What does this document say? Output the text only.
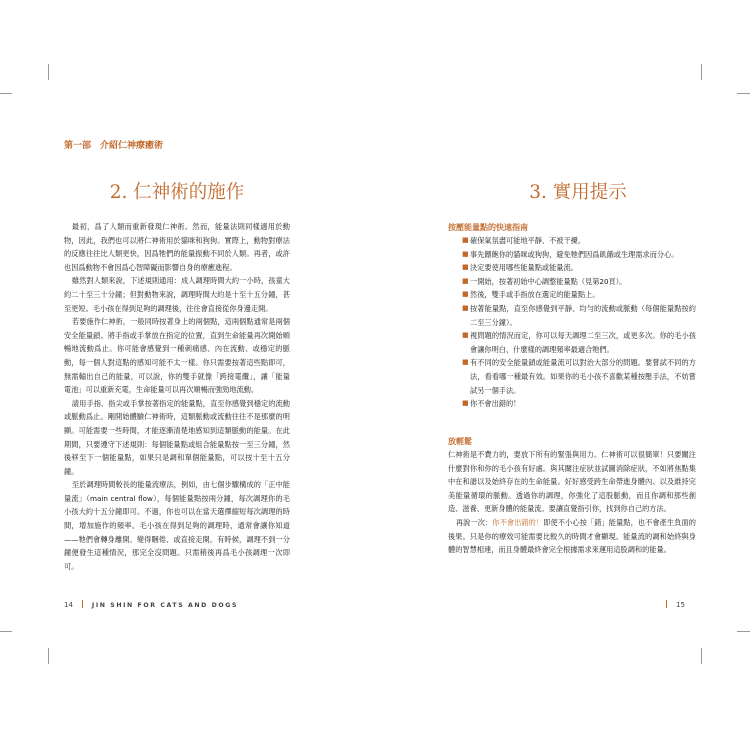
第一部　介紹仁神療癒術
2. 仁神術的施作

最初，爲了人類而重新發現仁神術。然而，能量法則同樣適用於動物，因此，我們也可以將仁神術用於貓咪和狗狗。實際上，動物對療法的反應往往比人類更快，因爲牠們的能量振動不同於人類。再者，或許也因爲動物不會因爲心智障礙而影響自身的療癒進程。

雖然對人類來說，下述規則通用：成人調理時間大約一小時，孩童大約二十至三十分鐘；但對動物來說，調理時間大約是十至十五分鐘，甚至更短。毛小孩在得到足夠的調理後，往往會直接從你身邊走開。

若要施作仁神術，一般同時按著身上的兩個點，這兩個點通常是兩個安全能量鎖。將手指或手掌放在指定的位置，直到生命能量再次開始順暢地流動爲止。你可能會感覺到一種刺痛感、內在流動、或穩定的脈動，每一個人對這點的感知可能不太一樣。你只需要按著這些點即可，無需輸出自己的能量，可以說，你的雙手就像「跨接電纜」，讓「能量電池」可以重新充電，生命能量可以再次順暢而強勁地流動。

請用手指、指尖或手掌按著指定的能量點，直至你感覺到穩定的流動或脈動爲止。剛開始體驗仁神術時，這類脈動或流動往往不是那麼的明顯。可能需要一些時間，才能逐漸清楚地感知到這類脈動的能量。在此期間，只要遵守下述規則：每個能量點或組合能量點按一至三分鐘，然後移至下一個能量點，如果只是調和單個能量點，可以按十至十五分鐘。

至於調理時間較長的能量流療法，例如，由七個步驟構成的「正中能量流」（main central flow），每個能量點按兩分鐘，每次調理你的毛小孩大約十五分鐘即可。不過，你也可以在當天選擇縮短每次調理的時間，增加施作的頻率。毛小孩在得到足夠的調理時，通常會讓你知道——牠們會轉身離開、變得睏倦、或直接走開。有時候，調理不到一分鐘便發生這種情況，那完全沒問題。只需稍後再爲毛小孩調理一次即可。

3. 實用提示
按壓能量點的快速指南
■ 確保氣氛盡可能地平靜、不被干擾。
■ 事先餵飽你的貓咪或狗狗，避免牠們因爲飢餓或生理需求而分心。
■ 決定要使用哪些能量點或能量流。
■ 一開始，按著初始中心調整能量點（見第20頁）。
■ 然後，雙手或手指放在選定的能量點上。
■ 按著能量點，直至你感覺到平靜、均勻的流動或脈動（每個能量點按約二至三分鐘）。
■ 視問題的情況而定，你可以每天調理二至三次，或更多次。你的毛小孩會讓你明白，什麼樣的調理頻率最適合牠們。
■ 有不同的安全能量鎖或能量流可以對治大部分的問題。要嘗試不同的方法，看看哪一種最有效。如果你的毛小孩不喜歡某種按壓手法，不妨嘗試另一個手法。
■ 你不會出錯的！
放輕鬆

仁神術是不費力的，要放下所有的緊張與用力。仁神術可以很簡單！只要關注什麼對你和你的毛小孩有好處。與其關注症狀並試圖消除症狀，不如將焦點集中在和諧以及始終存在的生命能量。好好感受跨生命帶進身體內、以及維持完美能量循環的脈動。透過你的調理，你強化了這股脈動，而且你調和那些創造、滋養、更新身體的能量流。要讓直覺指引你，找到你自己的方法。

再說一次：你不會出錯的！即使不小心按「錯」能量點，也不會產生負面的後果。只是你的療效可能需要比較久的時間才會顯現。能量流的調和始終與身體的智慧相連，而且身體最終會完全根據需求來運用這股調和的能量。

14	JIN SHIN FOR CATS AND DOGS	15
